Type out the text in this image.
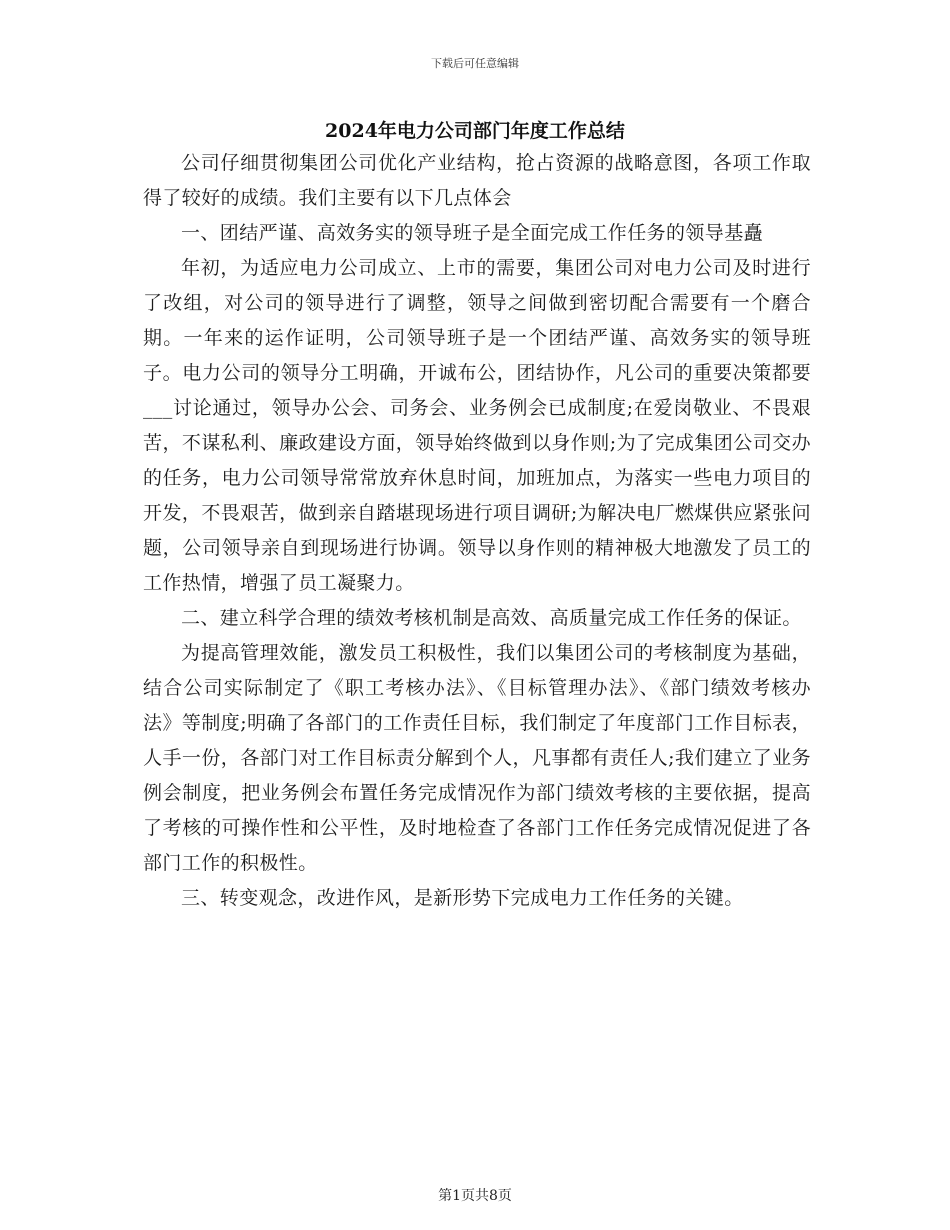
下载后可任意编辑
2024年电力公司部门年度工作总结

公司仔细贯彻集团公司优化产业结构，抢占资源的战略意图，各项工作取得了较好的成绩。我们主要有以下几点体会

一、团结严谨、高效务实的领导班子是全面完成工作任务的领导基矗

年初，为适应电力公司成立、上市的需要，集团公司对电力公司及时进行了改组，对公司的领导进行了调整，领导之间做到密切配合需要有一个磨合期。一年来的运作证明，公司领导班子是一个团结严谨、高效务实的领导班子。电力公司的领导分工明确，开诚布公，团结协作，凡公司的重要决策都要___讨论通过，领导办公会、司务会、业务例会已成制度;在爱岗敬业、不畏艰苦，不谋私利、廉政建设方面，领导始终做到以身作则;为了完成集团公司交办的任务，电力公司领导常常放弃休息时间，加班加点，为落实一些电力项目的开发，不畏艰苦，做到亲自踏堪现场进行项目调研;为解决电厂燃煤供应紧张问题，公司领导亲自到现场进行协调。领导以身作则的精神极大地激发了员工的工作热情，增强了员工凝聚力。

二、建立科学合理的绩效考核机制是高效、高质量完成工作任务的保证。

为提高管理效能，激发员工积极性，我们以集团公司的考核制度为基础，结合公司实际制定了《职工考核办法》、《目标管理办法》、《部门绩效考核办法》等制度;明确了各部门的工作责任目标，我们制定了年度部门工作目标表，人手一份，各部门对工作目标责分解到个人，凡事都有责任人;我们建立了业务例会制度，把业务例会布置任务完成情况作为部门绩效考核的主要依据，提高了考核的可操作性和公平性，及时地检查了各部门工作任务完成情况促进了各部门工作的积极性。

三、转变观念，改进作风，是新形势下完成电力工作任务的关键。

第1页共8页
